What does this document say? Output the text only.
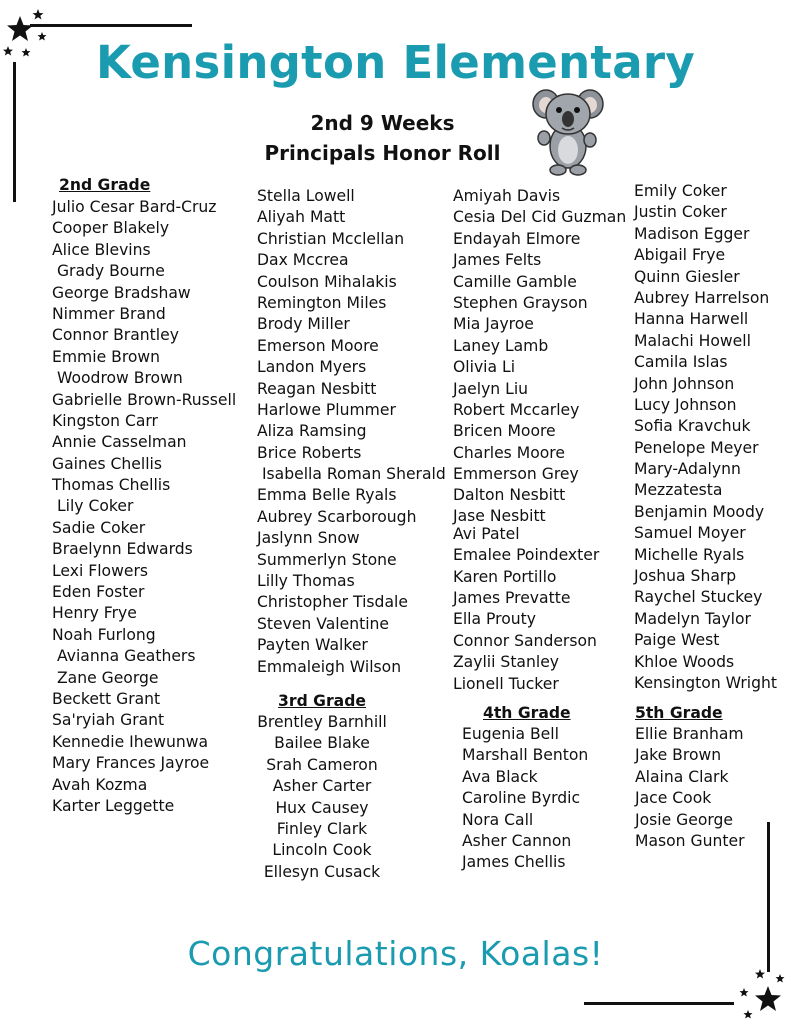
Kensington Elementary
2nd 9 Weeks
Principals Honor Roll
2nd Grade
Julio Cesar Bard-Cruz
Cooper Blakely
Alice Blevins
Grady Bourne
George Bradshaw
Nimmer Brand
Connor Brantley
Emmie Brown
Woodrow Brown
Gabrielle Brown-Russell
Kingston Carr
Annie Casselman
Gaines Chellis
Thomas Chellis
Lily Coker
Sadie Coker
Braelynn Edwards
Lexi Flowers
Eden Foster
Henry Frye
Noah Furlong
Avianna Geathers
Zane George
Beckett Grant
Sa'ryiah Grant
Kennedie Ihewunwa
Mary Frances Jayroe
Avah Kozma
Karter Leggette
Stella Lowell
Aliyah Matt
Christian Mcclellan
Dax Mccrea
Coulson Mihalakis
Remington Miles
Brody Miller
Emerson Moore
Landon Myers
Reagan Nesbitt
Harlowe Plummer
Aliza Ramsing
Brice Roberts
Isabella Roman Sherald
Emma Belle Ryals
Aubrey Scarborough
Jaslynn Snow
Summerlyn Stone
Lilly Thomas
Christopher Tisdale
Steven Valentine
Payten Walker
Emmaleigh Wilson
3rd Grade
Brentley Barnhill
Bailee Blake
Srah Cameron
Asher Carter
Hux Causey
Finley Clark
Lincoln Cook
Ellesyn Cusack
Amiyah Davis
Cesia Del Cid Guzman
Endayah Elmore
James Felts
Camille Gamble
Stephen Grayson
Mia Jayroe
Laney Lamb
Olivia Li
Jaelyn Liu
Robert Mccarley
Bricen Moore
Charles Moore
Emmerson Grey
Dalton Nesbitt
Jase Nesbitt
Avi Patel
Emalee Poindexter
Karen Portillo
James Prevatte
Ella Prouty
Connor Sanderson
Zaylii Stanley
Lionell Tucker
4th Grade
Eugenia Bell
Marshall Benton
Ava Black
Caroline Byrdic
Nora Call
Asher Cannon
James Chellis
Emily Coker
Justin Coker
Madison Egger
Abigail Frye
Quinn Giesler
Aubrey Harrelson
Hanna Harwell
Malachi Howell
Camila Islas
John Johnson
Lucy Johnson
Sofia Kravchuk
Penelope Meyer
Mary-Adalynn
Mezzatesta
Benjamin Moody
Samuel Moyer
Michelle Ryals
Joshua Sharp
Raychel Stuckey
Madelyn Taylor
Paige West
Khloe Woods
Kensington Wright
5th Grade
Ellie Branham
Jake Brown
Alaina Clark
Jace Cook
Josie George
Mason Gunter
Congratulations, Koalas!
